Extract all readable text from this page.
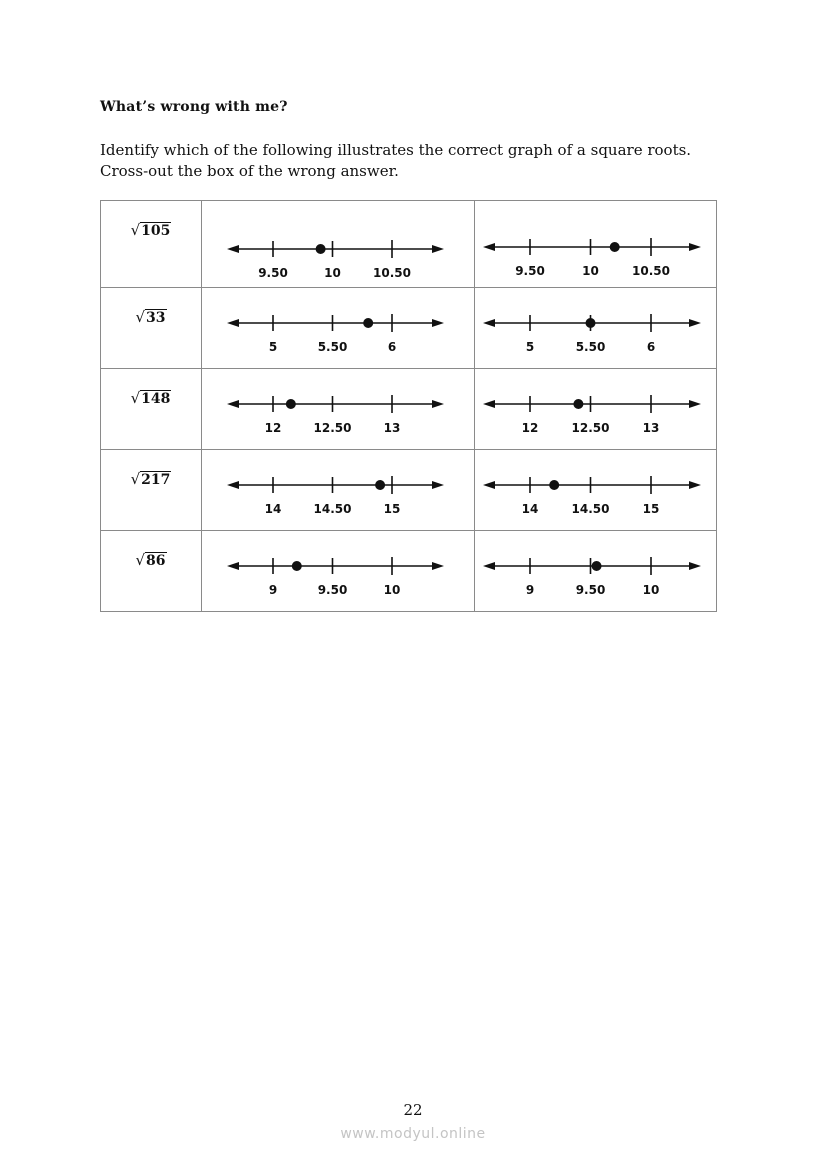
What’s wrong with me?
Identify which of the following illustrates the correct graph of a square roots. Cross-out the box of the wrong answer.
√105	9.50 10 10.50	9.50 10 10.50

√33	5 5.50 6	5 5.50 6

√148	12 12.50 13	12 12.50 13

√217	14 14.50 15	14 14.50 15

√86	9 9.50 10	9 9.50 10
22
www.modyul.online
